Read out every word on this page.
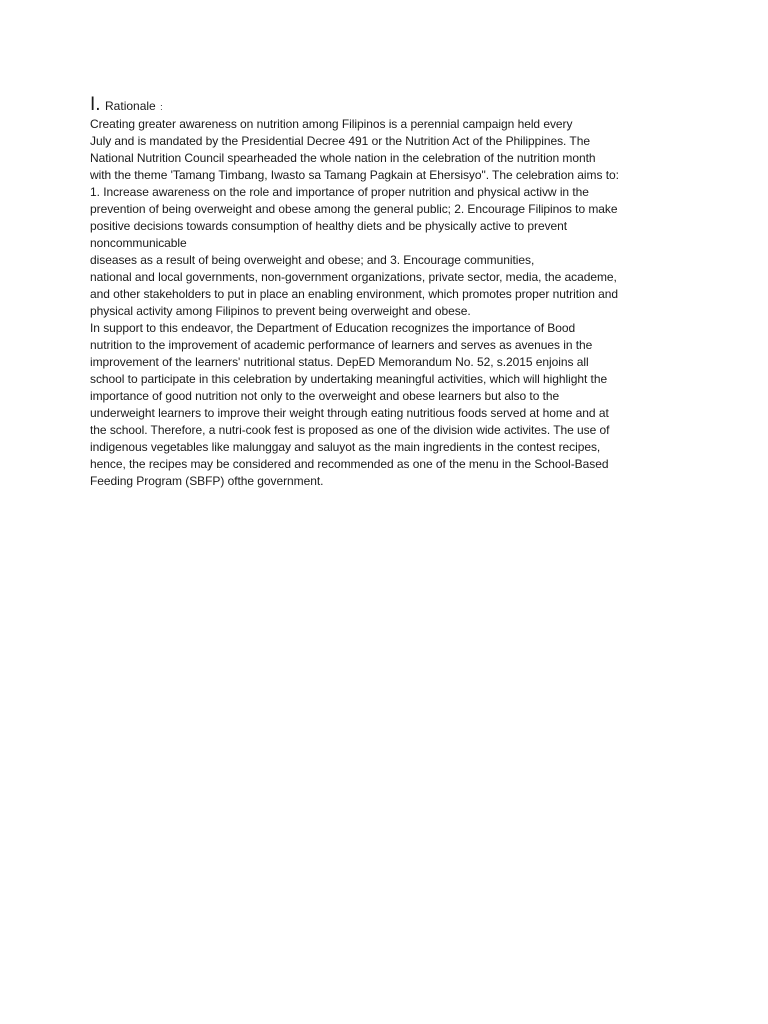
I. Rationale :

Creating greater awareness on nutrition among Filipinos is a perennial campaign held every

July and is mandated by the Presidential Decree 491 or the Nutrition Act of the Philippines. The

National Nutrition Council spearheaded the whole nation in the celebration of the nutrition month

with the theme 'Tamang Timbang, Iwasto sa Tamang Pagkain at Ehersisyo". The celebration aims to:

1. Increase awareness on the role and importance of proper nutrition and physical activw in the

prevention of being overweight and obese among the general public; 2. Encourage Filipinos to make

positive decisions towards consumption of healthy diets and be physically active to prevent

noncommunicable

diseases as a result of being overweight and obese; and 3. Encourage communities,

national and local governments, non-government organizations, private sector, media, the academe,

and other stakeholders to put in place an enabling environment, which promotes proper nutrition and

physical activity among Filipinos to prevent being overweight and obese.

In support to this endeavor, the Department of Education recognizes the importance of Bood

nutrition to the improvement of academic performance of learners and serves as avenues in the

improvement of the learners' nutritional status. DepED Memorandum No. 52, s.2015 enjoins all

school to participate in this celebration by undertaking meaningful activities, which will highlight the

importance of good nutrition not only to the overweight and obese learners but also to the

underweight learners to improve their weight through eating nutritious foods served at home and at

the school. Therefore, a nutri-cook fest is proposed as one of the division wide activites. The use of

indigenous vegetables like malunggay and saluyot as the main ingredients in the contest recipes,

hence, the recipes may be considered and recommended as one of the menu in the School-Based

Feeding Program (SBFP) ofthe government.
